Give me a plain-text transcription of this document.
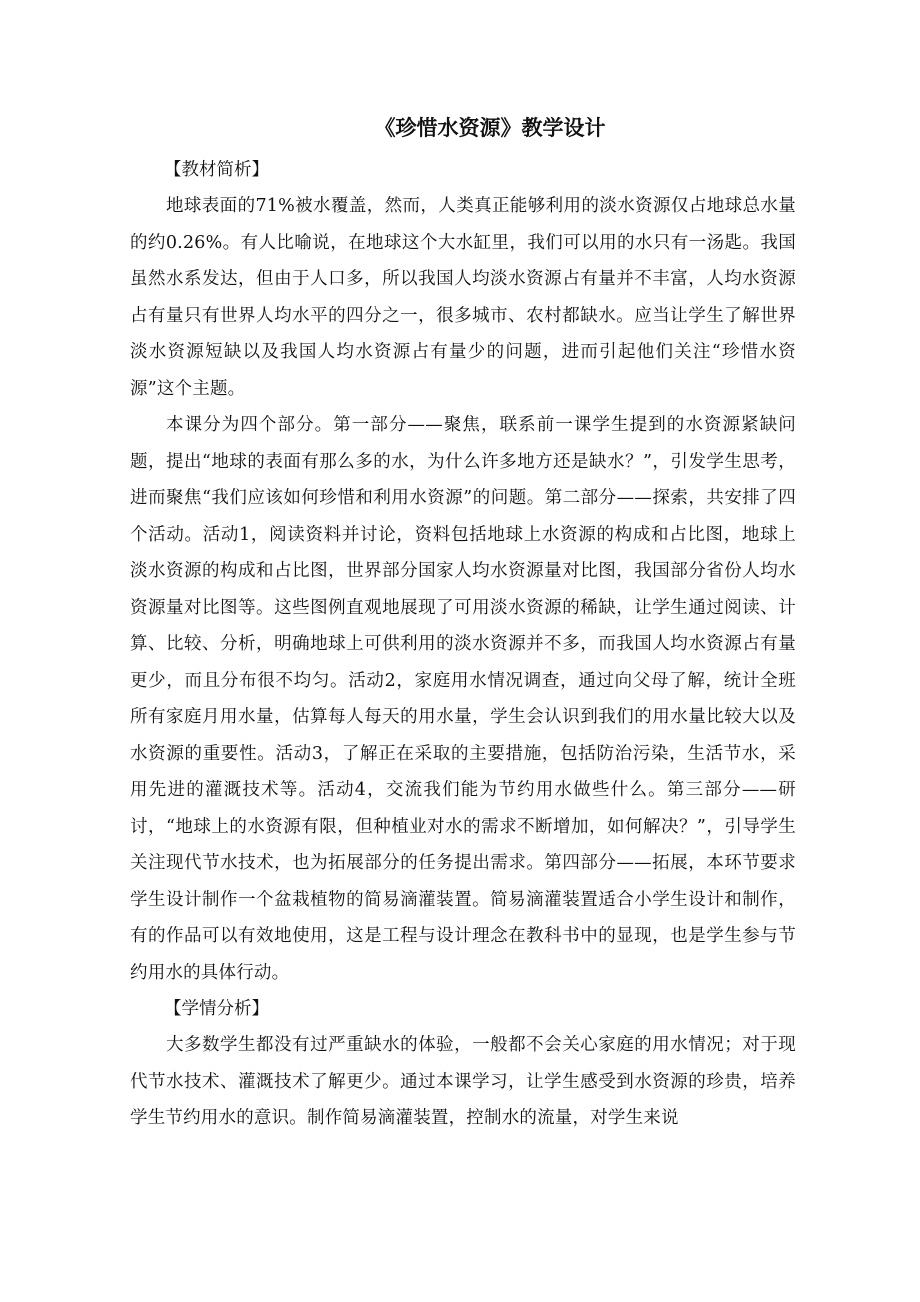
《珍惜水资源》教学设计

【教材简析】

地球表面的71%被水覆盖，然而，人类真正能够利用的淡水资源仅占地球总水量的约0.26%。有人比喻说，在地球这个大水缸里，我们可以用的水只有一汤匙。我国虽然水系发达，但由于人口多，所以我国人均淡水资源占有量并不丰富，人均水资源占有量只有世界人均水平的四分之一，很多城市、农村都缺水。应当让学生了解世界淡水资源短缺以及我国人均水资源占有量少的问题，进而引起他们关注“珍惜水资源”这个主题。

本课分为四个部分。第一部分——聚焦，联系前一课学生提到的水资源紧缺问题，提出“地球的表面有那么多的水，为什么许多地方还是缺水？”，引发学生思考，进而聚焦“我们应该如何珍惜和利用水资源”的问题。第二部分——探索，共安排了四个活动。活动1，阅读资料并讨论，资料包括地球上水资源的构成和占比图，地球上淡水资源的构成和占比图，世界部分国家人均水资源量对比图，我国部分省份人均水资源量对比图等。这些图例直观地展现了可用淡水资源的稀缺，让学生通过阅读、计算、比较、分析，明确地球上可供利用的淡水资源并不多，而我国人均水资源占有量更少，而且分布很不均匀。活动2，家庭用水情况调查，通过向父母了解，统计全班所有家庭月用水量，估算每人每天的用水量，学生会认识到我们的用水量比较大以及水资源的重要性。活动3，了解正在采取的主要措施，包括防治污染，生活节水，采用先进的灌溉技术等。活动4，交流我们能为节约用水做些什么。第三部分——研讨，“地球上的水资源有限，但种植业对水的需求不断增加，如何解决？”，引导学生关注现代节水技术，也为拓展部分的任务提出需求。第四部分——拓展，本环节要求学生设计制作一个盆栽植物的简易滴灌装置。简易滴灌装置适合小学生设计和制作，有的作品可以有效地使用，这是工程与设计理念在教科书中的显现，也是学生参与节约用水的具体行动。

【学情分析】

大多数学生都没有过严重缺水的体验，一般都不会关心家庭的用水情况；对于现代节水技术、灌溉技术了解更少。通过本课学习，让学生感受到水资源的珍贵，培养学生节约用水的意识。制作简易滴灌装置，控制水的流量，对学生来说
